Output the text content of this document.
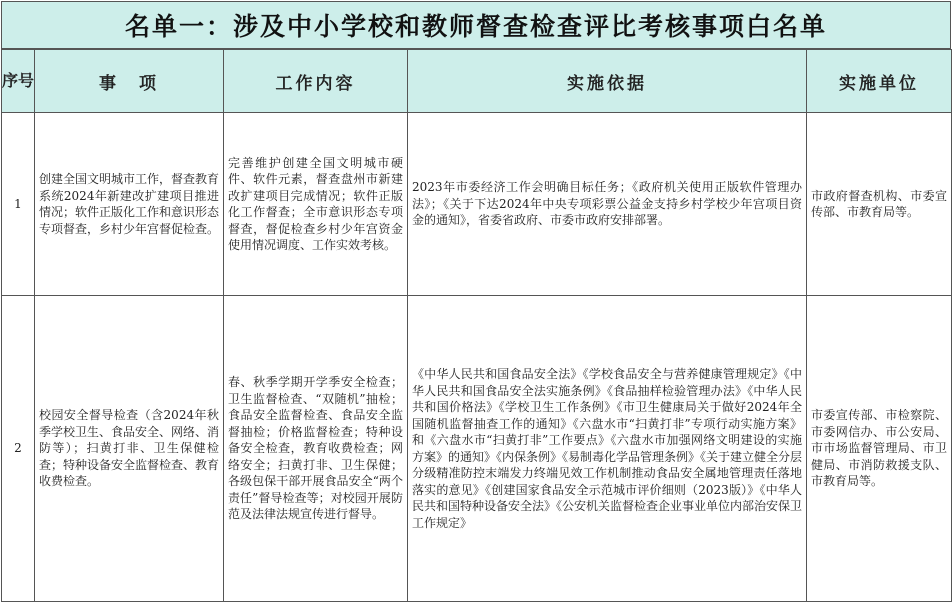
名单一：涉及中小学校和教师督查检查评比考核事项白名单
序号	事　项	工作内容	实施依据	实施单位
1	创建全国文明城市工作，督查教育系统2024年新建改扩建项目推进情况；软件正版化工作和意识形态专项督查，乡村少年宫督促检查。	完善维护创建全国文明城市硬件、软件元素，督查盘州市新建改扩建项目完成情况；软件正版化工作督查；全市意识形态专项督查，督促检查乡村少年宫资金使用情况调度、工作实效考核。	2023年市委经济工作会明确目标任务；《政府机关使用正版软件管理办法》；《关于下达2024年中央专项彩票公益金支持乡村学校少年宫项目资金的通知》，省委省政府、市委市政府安排部署。	市政府督查机构、市委宣传部、市教育局等。

2	校园安全督导检查（含2024年秋季学校卫生、食品安全、网络、消防等）；扫黄打非、卫生保健检查；特种设备安全监督检查、教育收费检查。	春、秋季学期开学季安全检查；卫生监督检查、“双随机”抽检；食品安全监督检查、食品安全监督抽检；价格监督检查；特种设备安全检查，教育收费检查；网络安全；扫黄打非、卫生保健；各级包保干部开展食品安全“两个责任”督导检查等；对校园开展防范及法律法规宣传进行督导。	《中华人民共和国食品安全法》《学校食品安全与营养健康管理规定》《中华人民共和国食品安全法实施条例》《食品抽样检验管理办法》《中华人民共和国价格法》《学校卫生工作条例》《市卫生健康局关于做好2024年全国随机监督抽查工作的通知》《六盘水市“扫黄打非”专项行动实施方案》和《六盘水市“扫黄打非”工作要点》《六盘水市加强网络文明建设的实施方案》的通知》《内保条例》《易制毒化学品管理条例》《关于建立健全分层分级精准防控末端发力终端见效工作机制推动食品安全属地管理责任落地落实的意见》《创建国家食品安全示范城市评价细则（2023版）》《中华人民共和国特种设备安全法》《公安机关监督检查企业事业单位内部治安保卫工作规定》	市委宣传部、市检察院、市委网信办、市公安局、市市场监督管理局、市卫健局、市消防救援支队、市教育局等。
